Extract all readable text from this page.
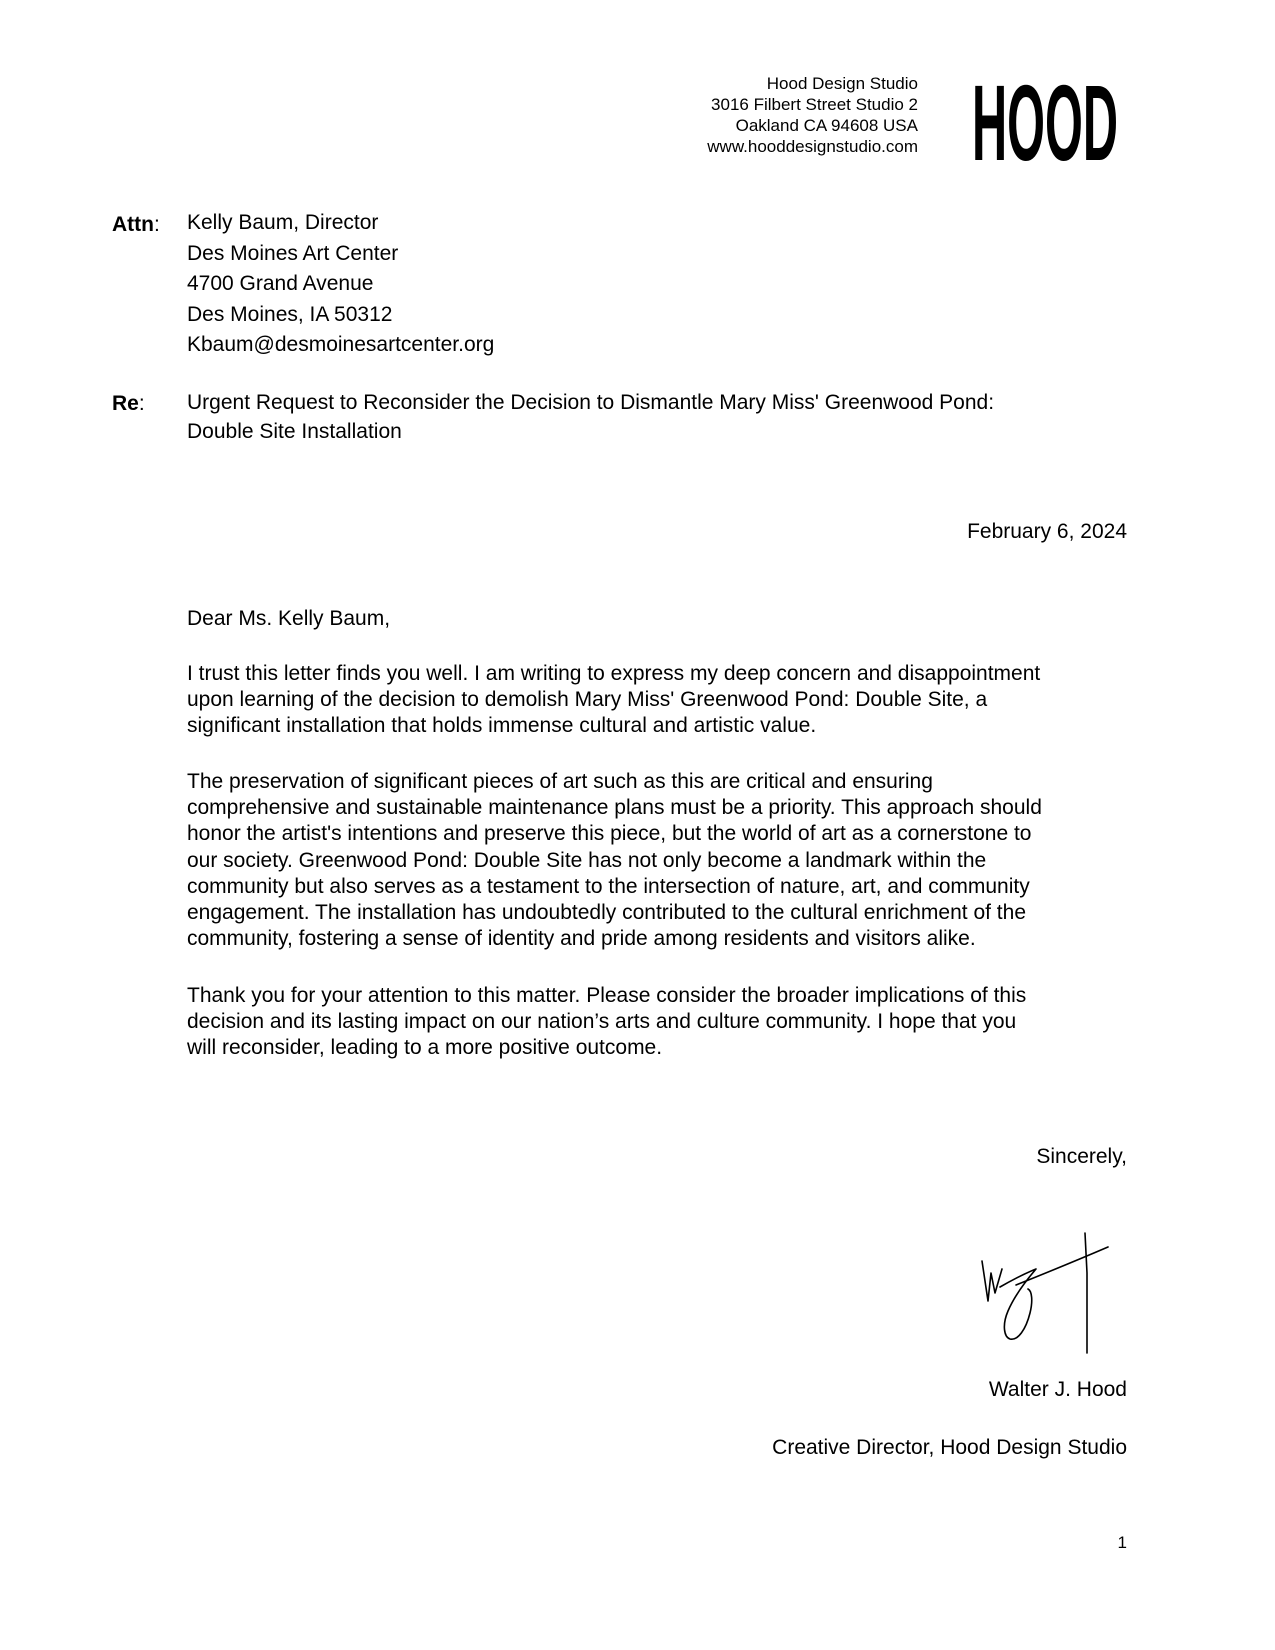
Hood Design Studio
3016 Filbert Street Studio 2
Oakland CA 94608 USA
www.hooddesignstudio.com HOOD
Attn: Kelly Baum, Director
Des Moines Art Center
4700 Grand Avenue
Des Moines, IA 50312
Kbaum@desmoinesartcenter.org
Re: Urgent Request to Reconsider the Decision to Dismantle Mary Miss' Greenwood Pond:
Double Site Installation
February 6, 2024
Dear Ms. Kelly Baum,
I trust this letter finds you well. I am writing to express my deep concern and disappointment
upon learning of the decision to demolish Mary Miss' Greenwood Pond: Double Site, a
significant installation that holds immense cultural and artistic value.
The preservation of significant pieces of art such as this are critical and ensuring
comprehensive and sustainable maintenance plans must be a priority. This approach should
honor the artist's intentions and preserve this piece, but the world of art as a cornerstone to
our society. Greenwood Pond: Double Site has not only become a landmark within the
community but also serves as a testament to the intersection of nature, art, and community
engagement. The installation has undoubtedly contributed to the cultural enrichment of the
community, fostering a sense of identity and pride among residents and visitors alike.
Thank you for your attention to this matter. Please consider the broader implications of this
decision and its lasting impact on our nation’s arts and culture community. I hope that you
will reconsider, leading to a more positive outcome.
Sincerely,
Walter J. Hood
Creative Director, Hood Design Studio
1
